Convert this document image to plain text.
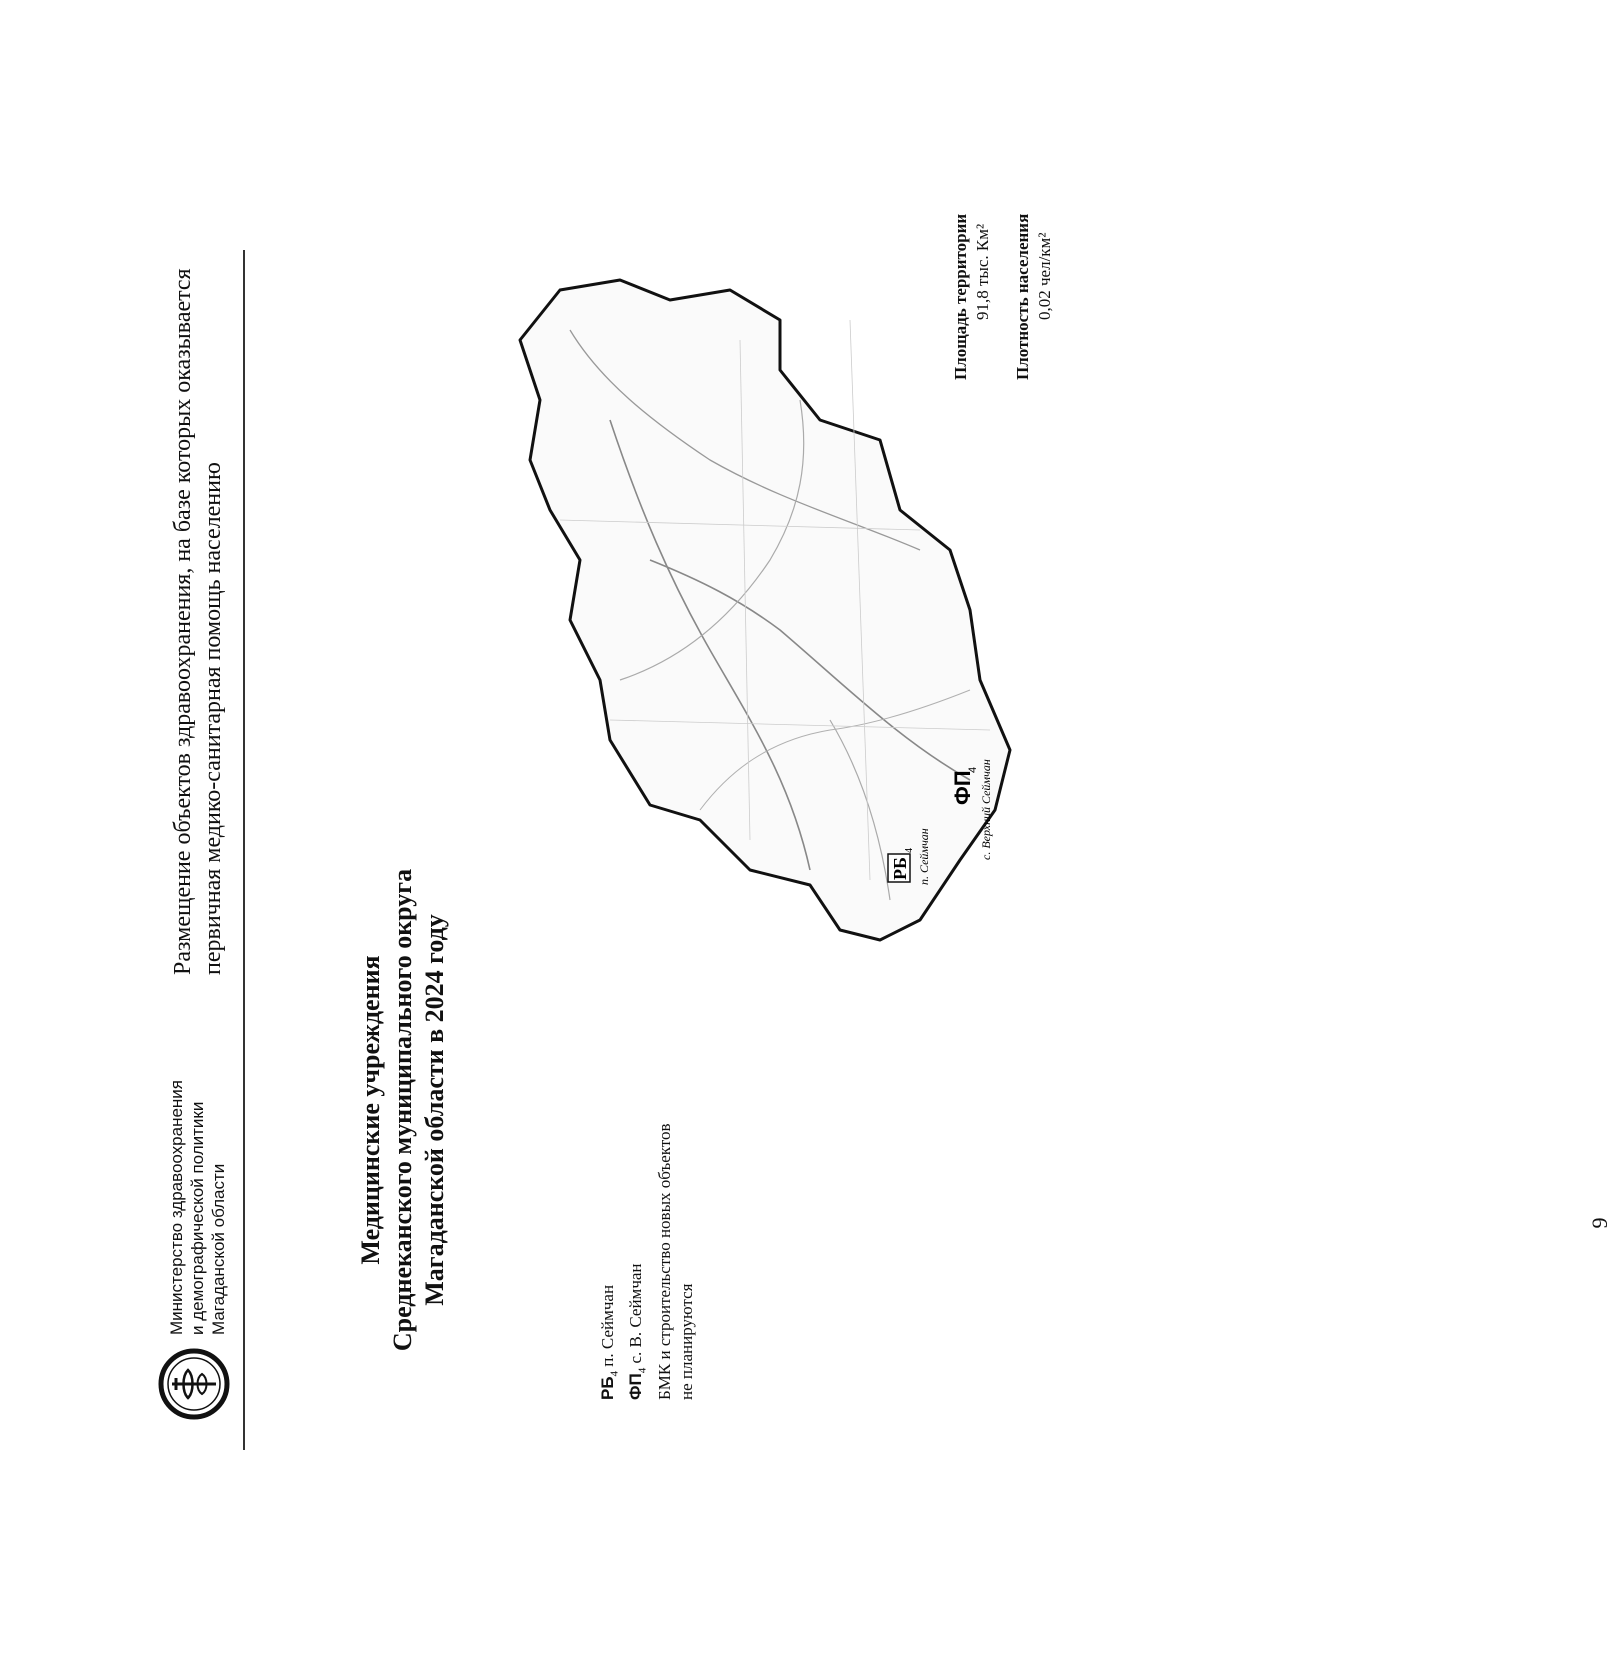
9
Министерство здравоохранения и демографической политики Магаданской области
Размещение объектов здравоохранения, на базе которых оказывается первичная медико-санитарная помощь населению
Медицинские учреждения Среднеканского муниципального округа Магаданской области в 2024 году
$РБ_4$ п. Сеймчан
$ФП_4$ с. В. Сеймчан БМК и строительство новых объектов не планируются
РБ
4 п. Сеймчан
ФП
4 с. Верхний Сеймчан
Площадь территории 91,8 тыс. Км² Плотность населения 0,02 чел/км²
